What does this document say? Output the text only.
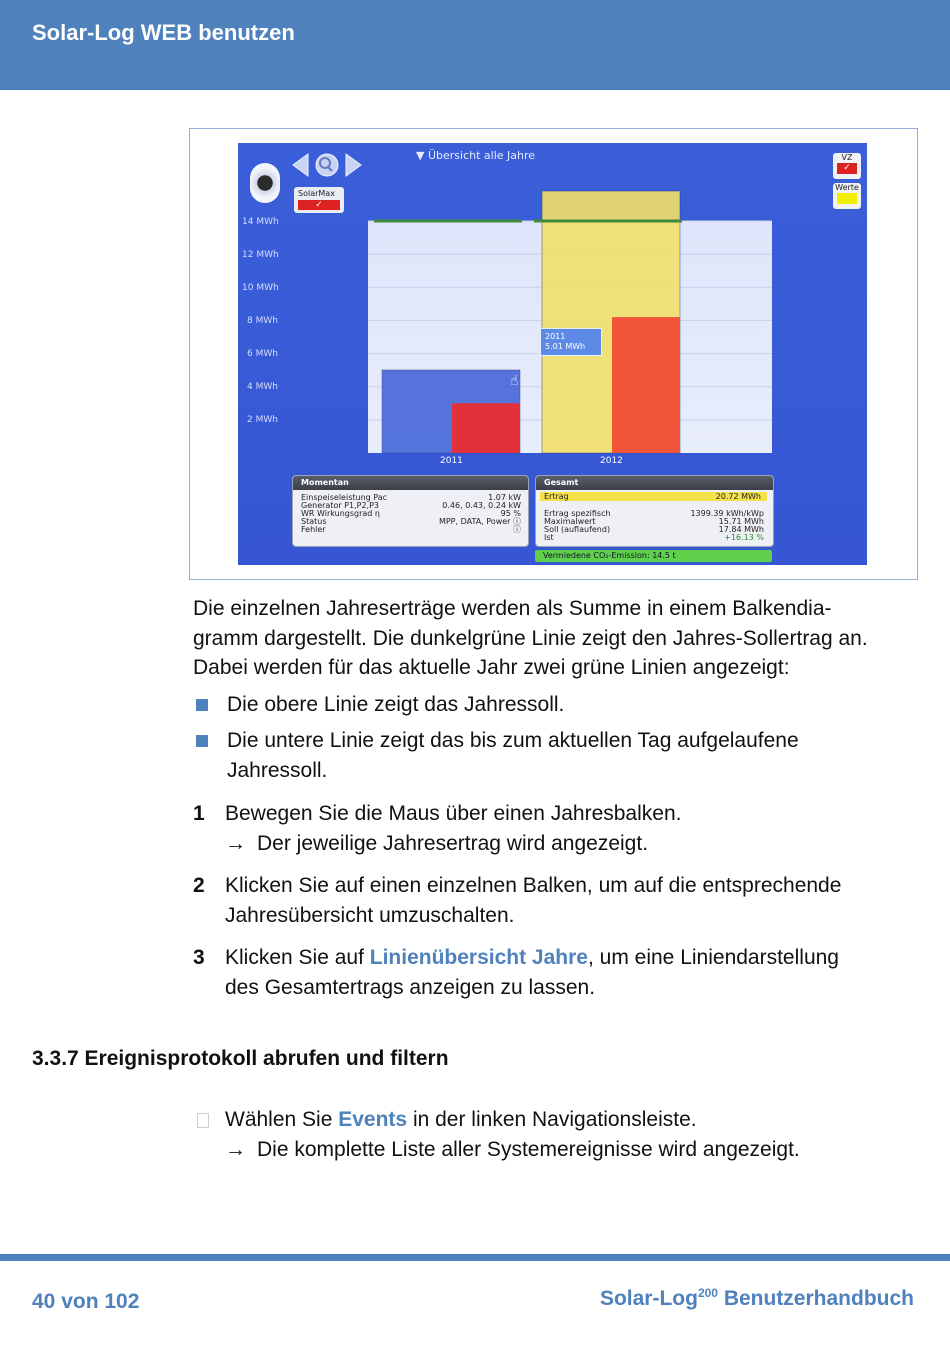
Solar-Log WEB benutzen
SolarMax
✓
▼ Übersicht alle Jahre	VZ
✓
Werte
14 MWh
12 MWh
10 MWh
8 MWh
6 MWh
4 MWh
2 MWh
2011	2012
2011
5.01 MWh
☝
Momentan
Einspeiseleistung Pac	1.07 kW
Generator P1,P2,P3	0.46, 0.43, 0.24 kW
WR Wirkungsgrad η	95 %
Status	MPP, DATA, Power ⓘ
Fehler	ⓘ
Gesamt
Ertrag	20.72 MWh
Ertrag spezifisch	1399.39 kWh/kWp
Maximalwert	15.71 MWh
Soll (auflaufend)	17.84 MWh
Ist	+16.13 %
Vermiedene CO₂-Emission: 14.5 t
Die einzelnen Jahreserträge werden als Summe in einem Balkendia-
gramm dargestellt. Die dunkelgrüne Linie zeigt den Jahres-Sollertrag an.
Dabei werden für das aktuelle Jahr zwei grüne Linien angezeigt:
Die obere Linie zeigt das Jahressoll.
Die untere Linie zeigt das bis zum aktuellen Tag aufgelaufene
Jahressoll.
1 Bewegen Sie die Maus über einen Jahresbalken.
→ Der jeweilige Jahresertrag wird angezeigt.
2 Klicken Sie auf einen einzelnen Balken, um auf die entsprechende
Jahresübersicht umzuschalten.
3 Klicken Sie auf Linienübersicht Jahre, um eine Liniendarstellung
des Gesamtertrags anzeigen zu lassen.
3.3.7 Ereignisprotokoll abrufen und filtern
Wählen Sie Events in der linken Navigationsleiste.
→ Die komplette Liste aller Systemereignisse wird angezeigt.
40 von 102	Solar-Log$^{200}$ Benutzerhandbuch
